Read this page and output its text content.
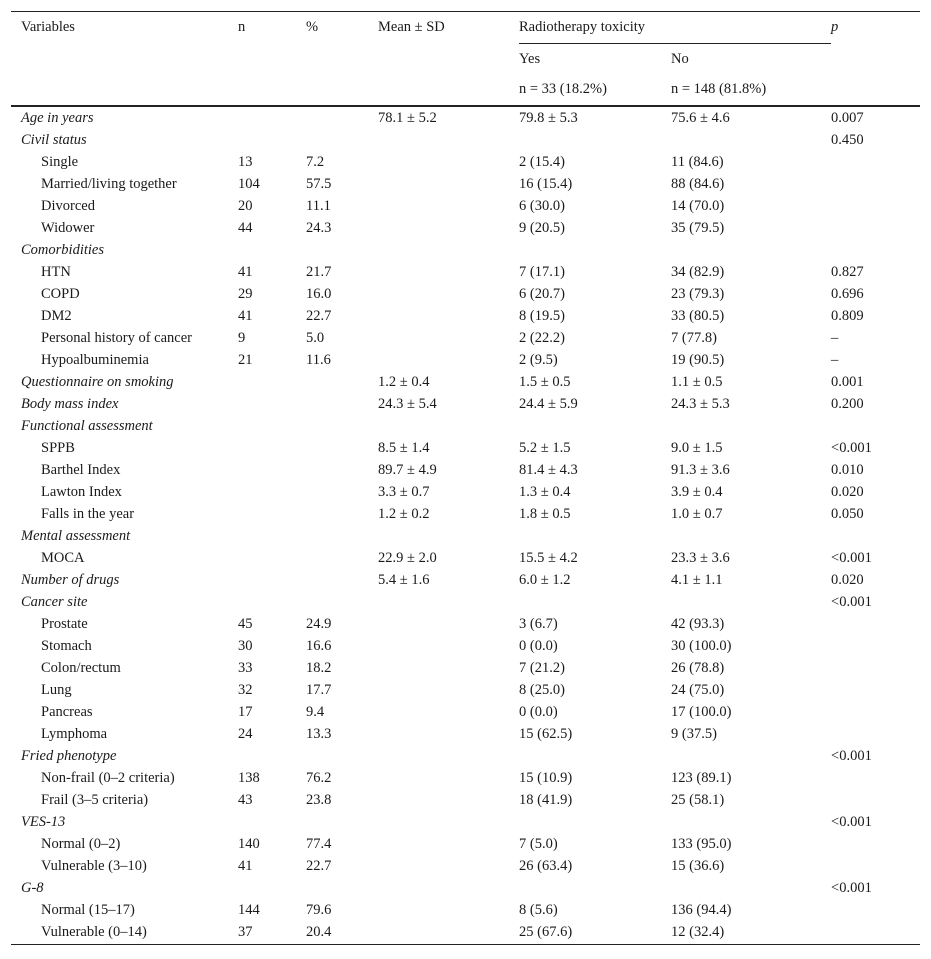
Variables	n	%	Mean ± SD	Radiotherapy toxicity		p
				Yes	No	
				n = 33 (18.2%)	n = 148 (81.8%)	
Age in years			78.1 ± 5.2	79.8 ± 5.3	75.6 ± 4.6	0.007
Civil status						0.450
Single	13	7.2		2 (15.4)	11 (84.6)	
Married/living together	104	57.5		16 (15.4)	88 (84.6)	
Divorced	20	11.1		6 (30.0)	14 (70.0)	
Widower	44	24.3		9 (20.5)	35 (79.5)	
Comorbidities						
HTN	41	21.7		7 (17.1)	34 (82.9)	0.827
COPD	29	16.0		6 (20.7)	23 (79.3)	0.696
DM2	41	22.7		8 (19.5)	33 (80.5)	0.809
Personal history of cancer	9	5.0		2 (22.2)	7 (77.8)	–
Hypoalbuminemia	21	11.6		2 (9.5)	19 (90.5)	–
Questionnaire on smoking			1.2 ± 0.4	1.5 ± 0.5	1.1 ± 0.5	0.001
Body mass index			24.3 ± 5.4	24.4 ± 5.9	24.3 ± 5.3	0.200
Functional assessment						
SPPB			8.5 ± 1.4	5.2 ± 1.5	9.0 ± 1.5	<0.001
Barthel Index			89.7 ± 4.9	81.4 ± 4.3	91.3 ± 3.6	0.010
Lawton Index			3.3 ± 0.7	1.3 ± 0.4	3.9 ± 0.4	0.020
Falls in the year			1.2 ± 0.2	1.8 ± 0.5	1.0 ± 0.7	0.050
Mental assessment						
MOCA			22.9 ± 2.0	15.5 ± 4.2	23.3 ± 3.6	<0.001
Number of drugs			5.4 ± 1.6	6.0 ± 1.2	4.1 ± 1.1	0.020
Cancer site						<0.001
Prostate	45	24.9		3 (6.7)	42 (93.3)	
Stomach	30	16.6		0 (0.0)	30 (100.0)	
Colon/rectum	33	18.2		7 (21.2)	26 (78.8)	
Lung	32	17.7		8 (25.0)	24 (75.0)	
Pancreas	17	9.4		0 (0.0)	17 (100.0)	
Lymphoma	24	13.3		15 (62.5)	9 (37.5)	
Fried phenotype						<0.001
Non-frail (0–2 criteria)	138	76.2		15 (10.9)	123 (89.1)	
Frail (3–5 criteria)	43	23.8		18 (41.9)	25 (58.1)	
VES-13						<0.001
Normal (0–2)	140	77.4		7 (5.0)	133 (95.0)	
Vulnerable (3–10)	41	22.7		26 (63.4)	15 (36.6)	
G-8						<0.001
Normal (15–17)	144	79.6		8 (5.6)	136 (94.4)	
Vulnerable (0–14)	37	20.4		25 (67.6)	12 (32.4)	
